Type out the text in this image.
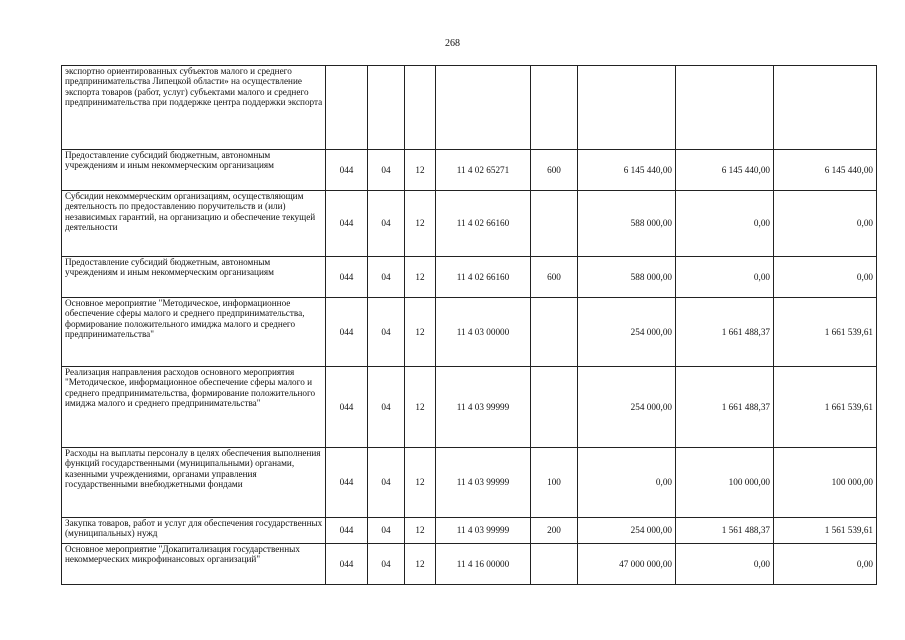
268
экспортно ориентированных субъектов малого и среднего предпринимательства Липецкой области» на осуществление экспорта товаров (работ, услуг) субъектами малого и среднего предпринимательства при поддержке центра поддержки экспорта								
Предоставление субсидий бюджетным, автономным учреждениям и иным некоммерческим организациям	044	04	12	11 4 02 65271	600	6 145 440,00	6 145 440,00	6 145 440,00
Субсидии некоммерческим организациям, осуществляющим деятельность по предоставлению поручительств и (или) независимых гарантий, на организацию и обеспечение текущей деятельности	044	04	12	11 4 02 66160		588 000,00	0,00	0,00
Предоставление субсидий бюджетным, автономным учреждениям и иным некоммерческим организациям	044	04	12	11 4 02 66160	600	588 000,00	0,00	0,00
Основное мероприятие "Методическое, информационное обеспечение сферы малого и среднего предпринимательства, формирование положительного имиджа малого и среднего предпринимательства"	044	04	12	11 4 03 00000		254 000,00	1 661 488,37	1 661 539,61
Реализация направления расходов основного мероприятия "Методическое, информационное обеспечение сферы малого и среднего предпринимательства, формирование положительного имиджа малого и среднего предпринимательства"	044	04	12	11 4 03 99999		254 000,00	1 661 488,37	1 661 539,61
Расходы на выплаты персоналу в целях обеспечения выполнения функций государственными (муниципальными) органами, казенными учреждениями, органами управления государственными внебюджетными фондами	044	04	12	11 4 03 99999	100	0,00	100 000,00	100 000,00
Закупка товаров, работ и услуг для обеспечения государственных (муниципальных) нужд	044	04	12	11 4 03 99999	200	254 000,00	1 561 488,37	1 561 539,61
Основное мероприятие "Докапитализация государственных некоммерческих микрофинансовых организаций"	044	04	12	11 4 16 00000		47 000 000,00	0,00	0,00
